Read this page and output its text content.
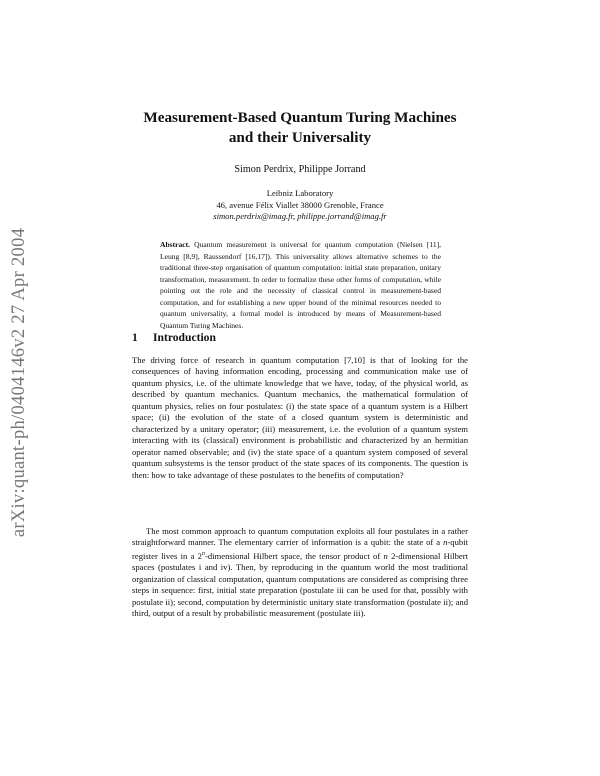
arXiv:quant-ph/0404146v2 27 Apr 2004
Measurement-Based Quantum Turing Machines
and their Universality
Simon Perdrix, Philippe Jorrand
Leibniz Laboratory
46, avenue Félix Viallet 38000 Grenoble, France
simon.perdrix@imag.fr, philippe.jorrand@imag.fr
Abstract. Quantum measurement is universal for quantum computation (Nielsen [11], Leung [8,9], Raussendorf [16,17]). This universality allows alternative schemes to the traditional three-step organisation of quantum computation: initial state preparation, unitary transformation, measurement. In order to formalize these other forms of computation, while pointing out the role and the necessity of classical control in measurement-based computation, and for establishing a new upper bound of the minimal resources needed to quantum universality, a formal model is introduced by means of Measurement-based Quantum Turing Machines.
1 Introduction
The driving force of research in quantum computation [7,10] is that of looking for the consequences of having information encoding, processing and communication make use of quantum physics, i.e. of the ultimate knowledge that we have, today, of the physical world, as described by quantum mechanics. Quantum mechanics, the mathematical formulation of quantum physics, relies on four postulates: (i) the state space of a quantum system is a Hilbert space; (ii) the evolution of the state of a closed quantum system is deterministic and characterized by a unitary operator; (iii) measurement, i.e. the evolution of a quantum system interacting with its (classical) environment is probabilistic and characterized by an hermitian operator named observable; and (iv) the state space of a quantum system composed of several quantum subsystems is the tensor product of the state spaces of its components. The question is then: how to take advantage of these postulates to the benefits of computation?
The most common approach to quantum computation exploits all four postulates in a rather straightforward manner. The elementary carrier of information is a qubit: the state of a n-qubit register lives in a 2$^n$-dimensional Hilbert space, the tensor product of n 2-dimensional Hilbert spaces (postulates i and iv). Then, by reproducing in the quantum world the most traditional organization of classical computation, quantum computations are considered as comprising three steps in sequence: first, initial state preparation (postulate iii can be used for that, possibly with postulate ii); second, computation by deterministic unitary state transformation (postulate ii); and third, output of a result by probabilistic measurement (postulate iii).
